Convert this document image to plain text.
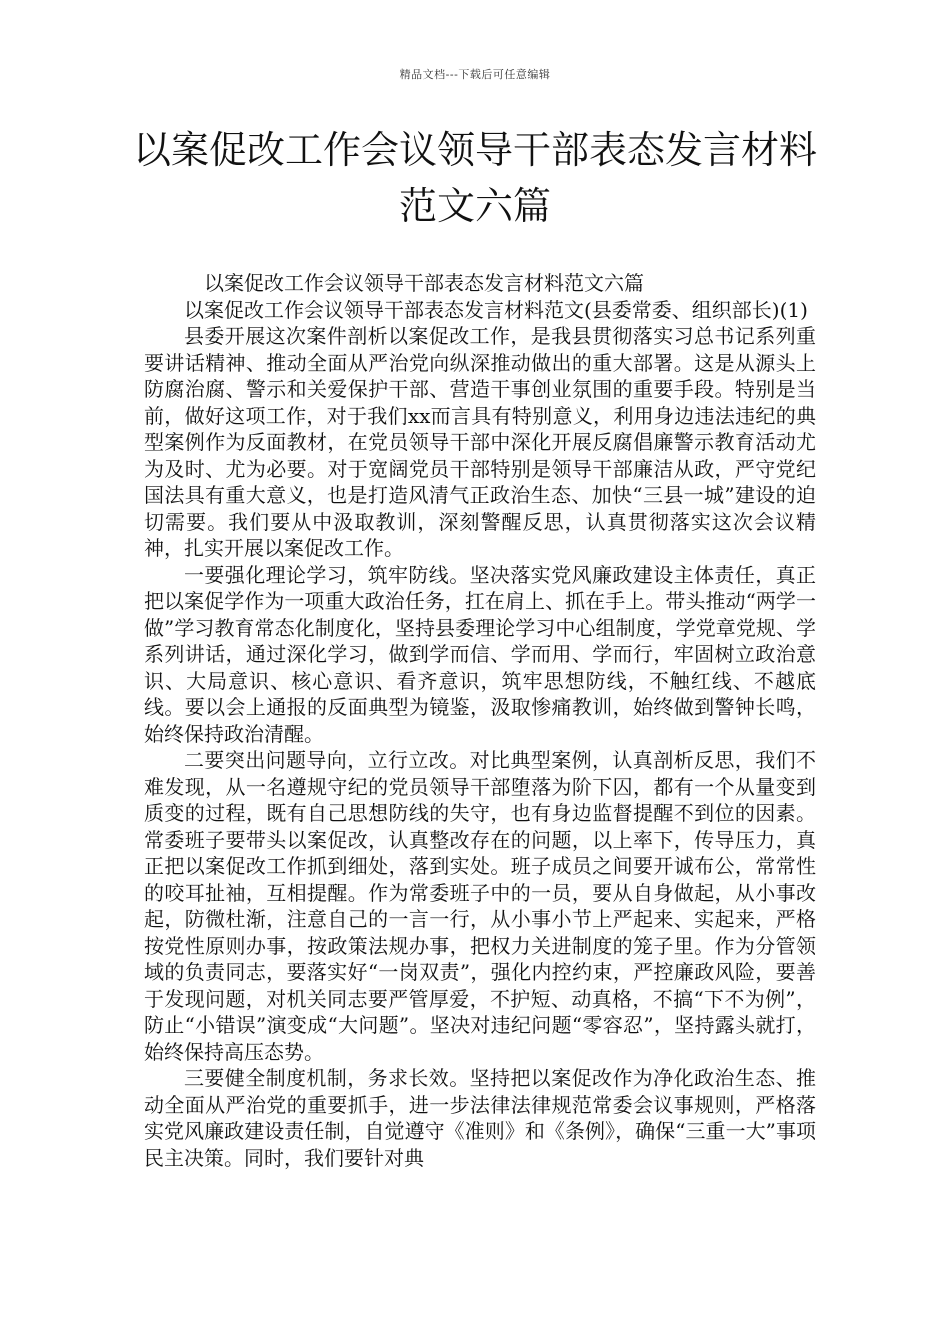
精品文档---下载后可任意编辑
以案促改工作会议领导干部表态发言材料范文六篇

以案促改工作会议领导干部表态发言材料范文六篇

以案促改工作会议领导干部表态发言材料范文(县委常委、组织部长)(1)

县委开展这次案件剖析以案促改工作，是我县贯彻落实习总书记系列重要讲话精神、推动全面从严治党向纵深推动做出的重大部署。这是从源头上防腐治腐、警示和关爱保护干部、营造干事创业氛围的重要手段。特别是当前，做好这项工作，对于我们xx而言具有特别意义，利用身边违法违纪的典型案例作为反面教材，在党员领导干部中深化开展反腐倡廉警示教育活动尤为及时、尤为必要。对于宽阔党员干部特别是领导干部廉洁从政，严守党纪国法具有重大意义，也是打造风清气正政治生态、加快“三县一城”建设的迫切需要。我们要从中汲取教训，深刻警醒反思，认真贯彻落实这次会议精神，扎实开展以案促改工作。

一要强化理论学习，筑牢防线。坚决落实党风廉政建设主体责任，真正把以案促学作为一项重大政治任务，扛在肩上、抓在手上。带头推动“两学一做”学习教育常态化制度化，坚持县委理论学习中心组制度，学党章党规、学系列讲话，通过深化学习，做到学而信、学而用、学而行，牢固树立政治意识、大局意识、核心意识、看齐意识，筑牢思想防线，不触红线、不越底线。要以会上通报的反面典型为镜鉴，汲取惨痛教训，始终做到警钟长鸣，始终保持政治清醒。

二要突出问题导向，立行立改。对比典型案例，认真剖析反思，我们不难发现，从一名遵规守纪的党员领导干部堕落为阶下囚，都有一个从量变到质变的过程，既有自己思想防线的失守，也有身边监督提醒不到位的因素。常委班子要带头以案促改，认真整改存在的问题，以上率下，传导压力，真正把以案促改工作抓到细处，落到实处。班子成员之间要开诚布公，常常性的咬耳扯袖，互相提醒。作为常委班子中的一员，要从自身做起，从小事改起，防微杜渐，注意自己的一言一行，从小事小节上严起来、实起来，严格按党性原则办事，按政策法规办事，把权力关进制度的笼子里。作为分管领域的负责同志，要落实好“一岗双责”，强化内控约束，严控廉政风险，要善于发现问题，对机关同志要严管厚爱，不护短、动真格，不搞“下不为例”，防止“小错误”演变成“大问题”。坚决对违纪问题“零容忍”，坚持露头就打，始终保持高压态势。

三要健全制度机制，务求长效。坚持把以案促改作为净化政治生态、推动全面从严治党的重要抓手，进一步法律法律规范常委会议事规则，严格落实党风廉政建设责任制，自觉遵守《准则》和《条例》，确保“三重一大”事项民主决策。同时，我们要针对典
